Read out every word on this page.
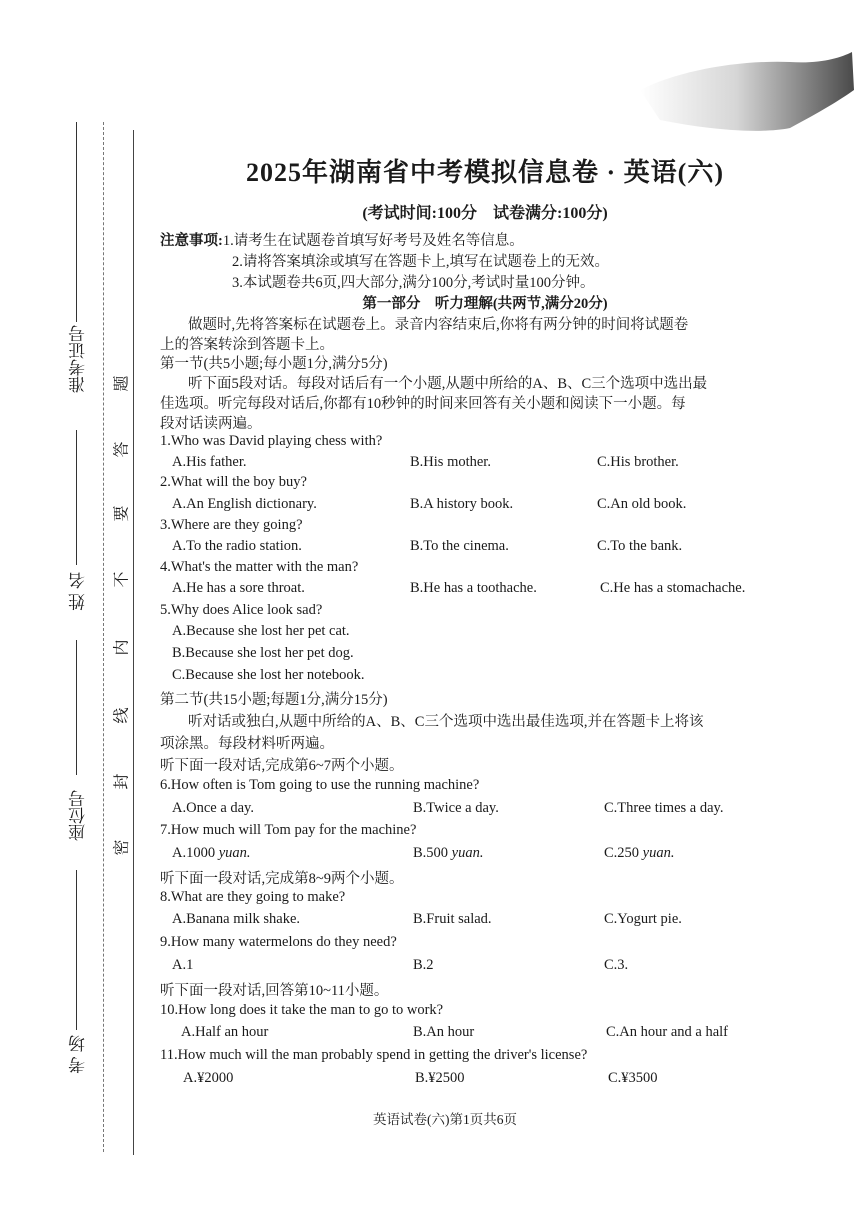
准考证号
姓 名
座位号
考 场
题
答
要
不
内
线
封
密
2025年湖南省中考模拟信息卷 · 英语(六)
(考试时间:100分　试卷满分:100分)
注意事项:1.请考生在试题卷首填写好考号及姓名等信息。
2.请将答案填涂或填写在答题卡上,填写在试题卷上的无效。
3.本试题卷共6页,四大部分,满分100分,考试时量100分钟。
第一部分　听力理解(共两节,满分20分)
做题时,先将答案标在试题卷上。录音内容结束后,你将有两分钟的时间将试题卷
上的答案转涂到答题卡上。
第一节(共5小题;每小题1分,满分5分)
听下面5段对话。每段对话后有一个小题,从题中所给的A、B、C三个选项中选出最
佳选项。听完每段对话后,你都有10秒钟的时间来回答有关小题和阅读下一小题。每
段对话读两遍。
1.Who was David playing chess with?
A.His father.	B.His mother.	C.His brother.
2.What will the boy buy?
A.An English dictionary.	B.A history book.	C.An old book.
3.Where are they going?
A.To the radio station.	B.To the cinema.	C.To the bank.
4.What's the matter with the man?
A.He has a sore throat.	B.He has a toothache.	C.He has a stomachache.
5.Why does Alice look sad?
A.Because she lost her pet cat.
B.Because she lost her pet dog.
C.Because she lost her notebook.
第二节(共15小题;每题1分,满分15分)
听对话或独白,从题中所给的A、B、C三个选项中选出最佳选项,并在答题卡上将该
项涂黑。每段材料听两遍。
听下面一段对话,完成第6~7两个小题。
6.How often is Tom going to use the running machine?
A.Once a day.	B.Twice a day.	C.Three times a day.
7.How much will Tom pay for the machine?
A.1000 yuan.	B.500 yuan.	C.250 yuan.
听下面一段对话,完成第8~9两个小题。
8.What are they going to make?
A.Banana milk shake.	B.Fruit salad.	C.Yogurt pie.
9.How many watermelons do they need?
A.1	B.2	C.3.
听下面一段对话,回答第10~11小题。
10.How long does it take the man to go to work?
A.Half an hour	B.An hour	C.An hour and a half
11.How much will the man probably spend in getting the driver's license?
A.¥2000	B.¥2500	C.¥3500
英语试卷(六)第1页共6页
